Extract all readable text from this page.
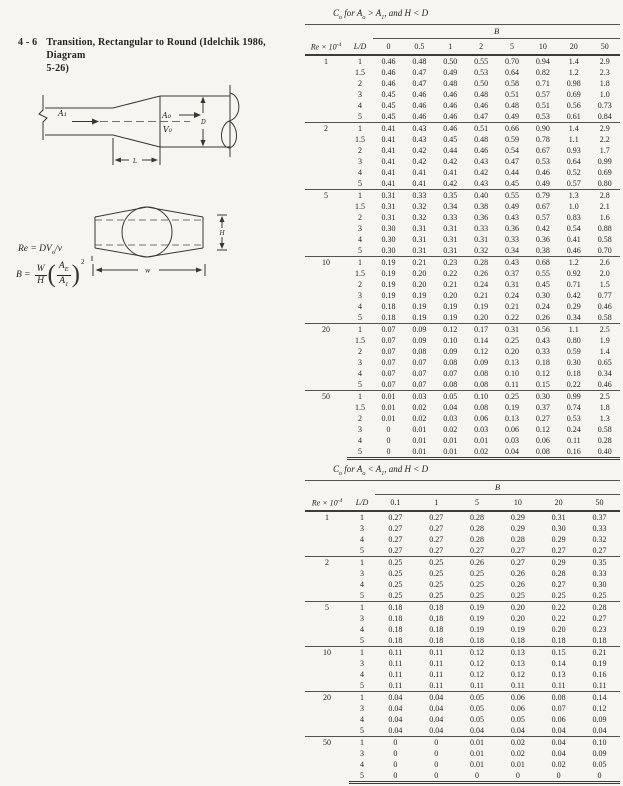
4 - 6 Transition, Rectangular to Round (Idelchik 1986, Diagram
5-26)
A₁	A₀
V₀
D
L
H
w
$Re = DV_o/\nu$
$B = \frac{W}{H}$ ( $\frac{A_E}{A_1}$ ) 2
$C_o$ for $A_o > A_1$, and H < D
		B							
$Re \times 10^{-4}$	L/D	0	0.5	1	2	5	10	20	50
1	1	0.46	0.48	0.50	0.55	0.70	0.94	1.4	2.9
	1.5	0.46	0.47	0.49	0.53	0.64	0.82	1.2	2.3
	2	0.46	0.47	0.48	0.50	0.58	0.71	0.98	1.8
	3	0.45	0.46	0.46	0.48	0.51	0.57	0.69	1.0
	4	0.45	0.46	0.46	0.46	0.48	0.51	0.56	0.73
	5	0.45	0.46	0.46	0.47	0.49	0.53	0.61	0.84
2	1	0.41	0.43	0.46	0.51	0.66	0.90	1.4	2.9
	1.5	0.41	0.43	0.45	0.48	0.59	0.78	1.1	2.2
	2	0.41	0.42	0.44	0.46	0.54	0.67	0.93	1.7
	3	0.41	0.42	0.42	0.43	0.47	0.53	0.64	0.99
	4	0.41	0.41	0.41	0.42	0.44	0.46	0.52	0.69
	5	0.41	0.41	0.42	0.43	0.45	0.49	0.57	0.80
5	1	0.31	0.33	0.35	0.40	0.55	0.79	1.3	2.8
	1.5	0.31	0.32	0.34	0.38	0.49	0.67	1.0	2.1
	2	0.31	0.32	0.33	0.36	0.43	0.57	0.83	1.6
	3	0.30	0.31	0.31	0.33	0.36	0.42	0.54	0.88
	4	0.30	0.31	0.31	0.31	0.33	0.36	0.41	0.58
	5	0.30	0.31	0.31	0.32	0.34	0.38	0.46	0.70
10	1	0.19	0.21	0.23	0.28	0.43	0.68	1.2	2.6
	1.5	0.19	0.20	0.22	0.26	0.37	0.55	0.92	2.0
	2	0.19	0.20	0.21	0.24	0.31	0.45	0.71	1.5
	3	0.19	0.19	0.20	0.21	0.24	0.30	0.42	0.77
	4	0.18	0.19	0.19	0.19	0.21	0.24	0.29	0.46
	5	0.18	0.19	0.19	0.20	0.22	0.26	0.34	0.58
20	1	0.07	0.09	0.12	0.17	0.31	0.56	1.1	2.5
	1.5	0.07	0.09	0.10	0.14	0.25	0.43	0.80	1.9
	2	0.07	0.08	0.09	0.12	0.20	0.33	0.59	1.4
	3	0.07	0.07	0.08	0.09	0.13	0.18	0.30	0.65
	4	0.07	0.07	0.07	0.08	0.10	0.12	0.18	0.34
	5	0.07	0.07	0.08	0.08	0.11	0.15	0.22	0.46
50	1	0.01	0.03	0.05	0.10	0.25	0.30	0.99	2.5
	1.5	0.01	0.02	0.04	0.08	0.19	0.37	0.74	1.8
	2	0.01	0.02	0.03	0.06	0.13	0.27	0.53	1.3
	3	0	0.01	0.02	0.03	0.06	0.12	0.24	0.58
	4	0	0.01	0.01	0.01	0.03	0.06	0.11	0.28
	5	0	0.01	0.01	0.02	0.04	0.08	0.16	0.40
$C_o$ for $A_o < A_1$, and H < D
		B					
$Re \times 10^{-4}$	L/D	0.1	1	5	10	20	50
1	1	0.27	0.27	0.28	0.29	0.31	0.37
	3	0.27	0.27	0.28	0.29	0.30	0.33
	4	0.27	0.27	0.28	0.28	0.29	0.32
	5	0.27	0.27	0.27	0.27	0.27	0.27
2	1	0.25	0.25	0.26	0.27	0.29	0.35
	3	0.25	0.25	0.25	0.26	0.28	0.33
	4	0.25	0.25	0.25	0.26	0.27	0.30
	5	0.25	0.25	0.25	0.25	0.25	0.25
5	1	0.18	0.18	0.19	0.20	0.22	0.28
	3	0.18	0.18	0.19	0.20	0.22	0.27
	4	0.18	0.18	0.19	0.19	0.20	0.23
	5	0.18	0.18	0.18	0.18	0.18	0.18
10	1	0.11	0.11	0.12	0.13	0.15	0.21
	3	0.11	0.11	0.12	0.13	0.14	0.19
	4	0.11	0.11	0.12	0.12	0.13	0.16
	5	0.11	0.11	0.11	0.11	0.11	0.11
20	1	0.04	0.04	0.05	0.06	0.08	0.14
	3	0.04	0.04	0.05	0.06	0.07	0.12
	4	0.04	0.04	0.05	0.05	0.06	0.09
	5	0.04	0.04	0.04	0.04	0.04	0.04
50	1	0	0	0.01	0.02	0.04	0.10
	3	0	0	0.01	0.02	0.04	0.09
	4	0	0	0.01	0.01	0.02	0.05
	5	0	0	0	0	0	0
